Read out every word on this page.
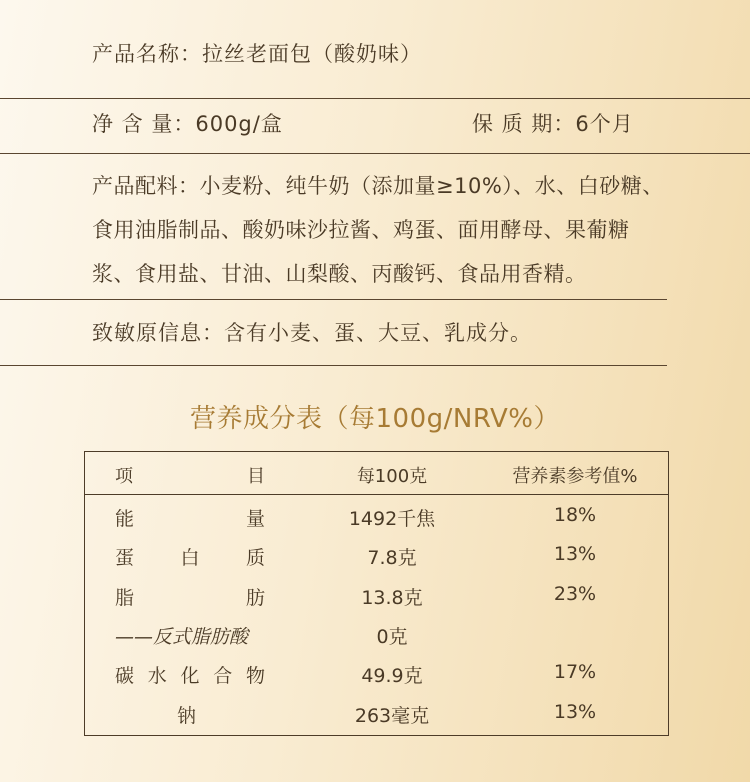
产品名称：拉丝老面包（酸奶味）
净 含 量：600g/盒	保 质 期：6个月
产品配料：小麦粉、纯牛奶（添加量≥10%）、水、白砂糖、
食用油脂制品、酸奶味沙拉酱、鸡蛋、面用酵母、果葡糖
浆、食用盐、甘油、山梨酸、丙酸钙、食品用香精。
致敏原信息：含有小麦、蛋、大豆、乳成分。
营养成分表（每100g/NRV%）
项	目	每100克	营养素参考值%
能	量	1492千焦	18%
蛋 白 质	7.8克	13%
脂	肪	13.8克	23%
——反式脂肪酸	0克
碳 水 化 合 物	49.9克	17%
钠	263毫克	13%
